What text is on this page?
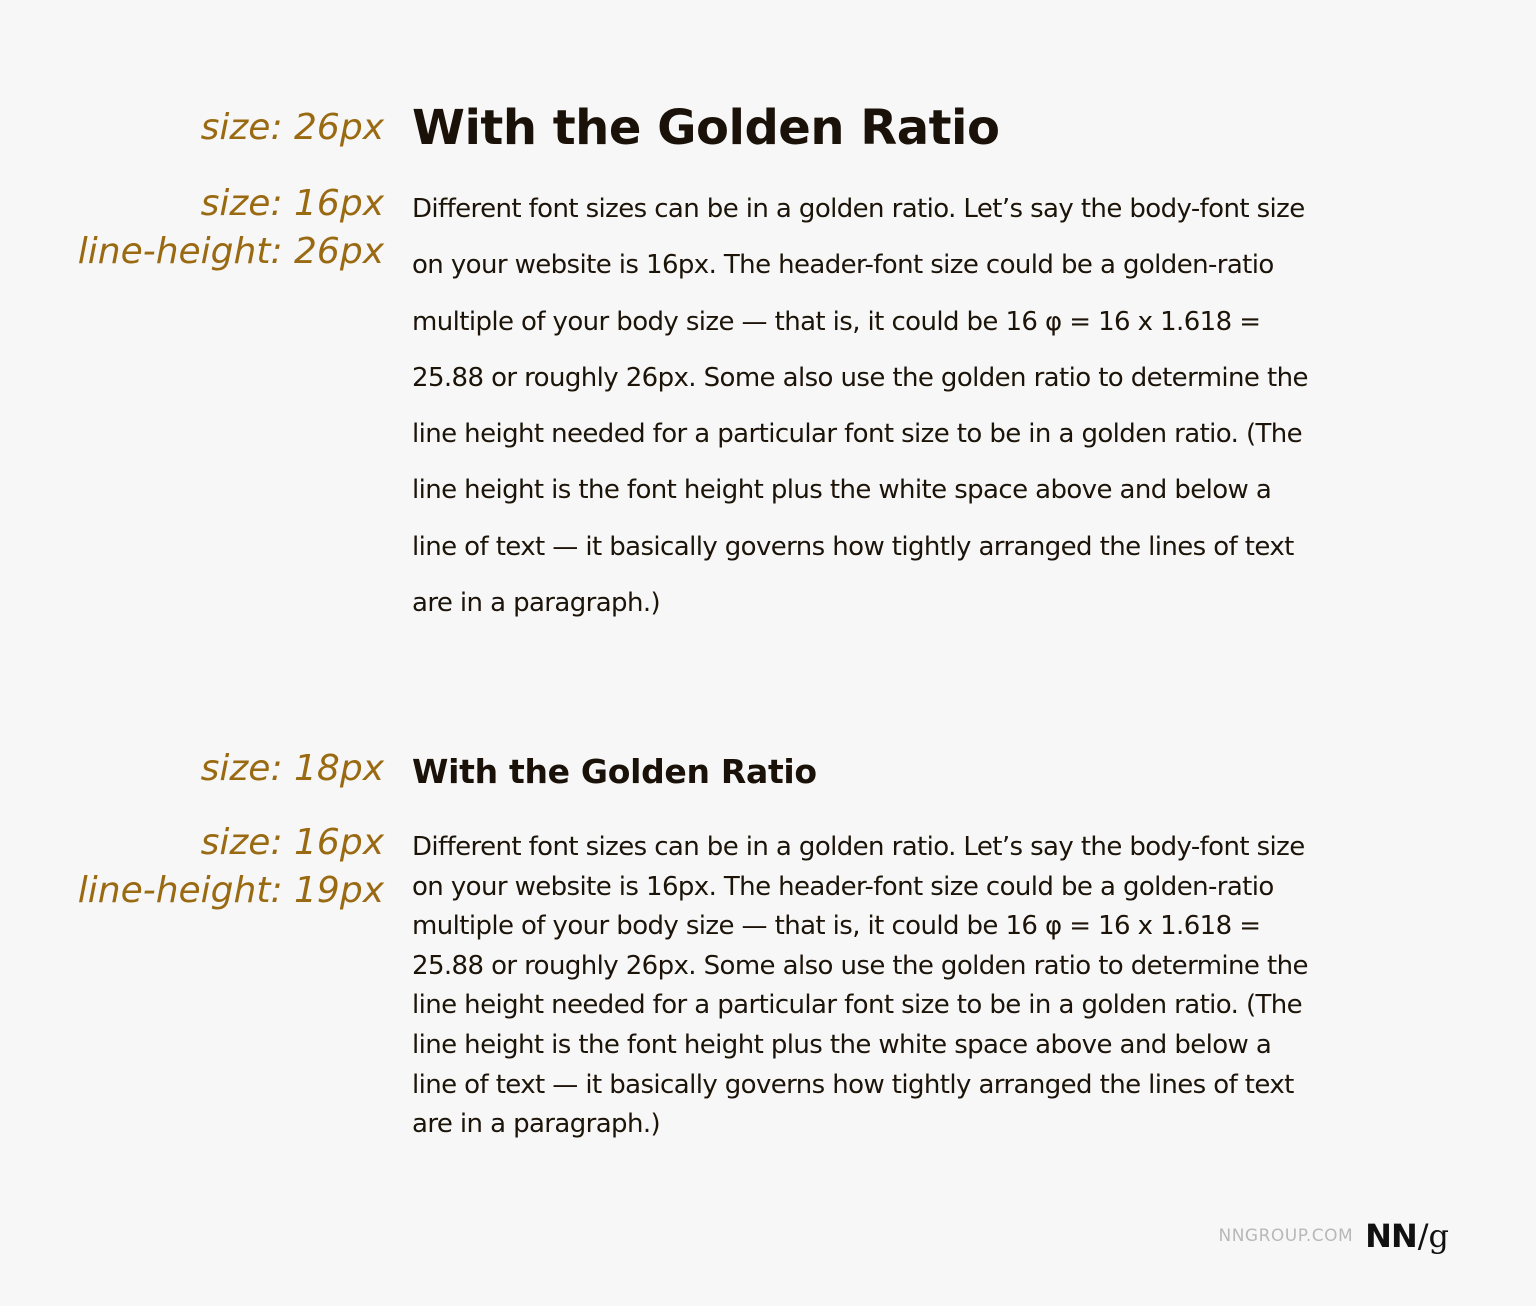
size: 26px With the Golden Ratio
size: 16px
line-height: 26px

Different font sizes can be in a golden ratio. Let’s say the body-font size
on your website is 16px. The header-font size could be a golden-ratio
multiple of your body size — that is, it could be 16 φ = 16 x 1.618 =
25.88 or roughly 26px. Some also use the golden ratio to determine the
line height needed for a particular font size to be in a golden ratio. (The
line height is the font height plus the white space above and below a
line of text — it basically governs how tightly arranged the lines of text
are in a paragraph.)

size: 18px With the Golden Ratio
size: 16px
line-height: 19px

Different font sizes can be in a golden ratio. Let’s say the body-font size
on your website is 16px. The header-font size could be a golden-ratio
multiple of your body size — that is, it could be 16 φ = 16 x 1.618 =
25.88 or roughly 26px. Some also use the golden ratio to determine the
line height needed for a particular font size to be in a golden ratio. (The
line height is the font height plus the white space above and below a
line of text — it basically governs how tightly arranged the lines of text
are in a paragraph.)

NNGROUP.COM NN/g
